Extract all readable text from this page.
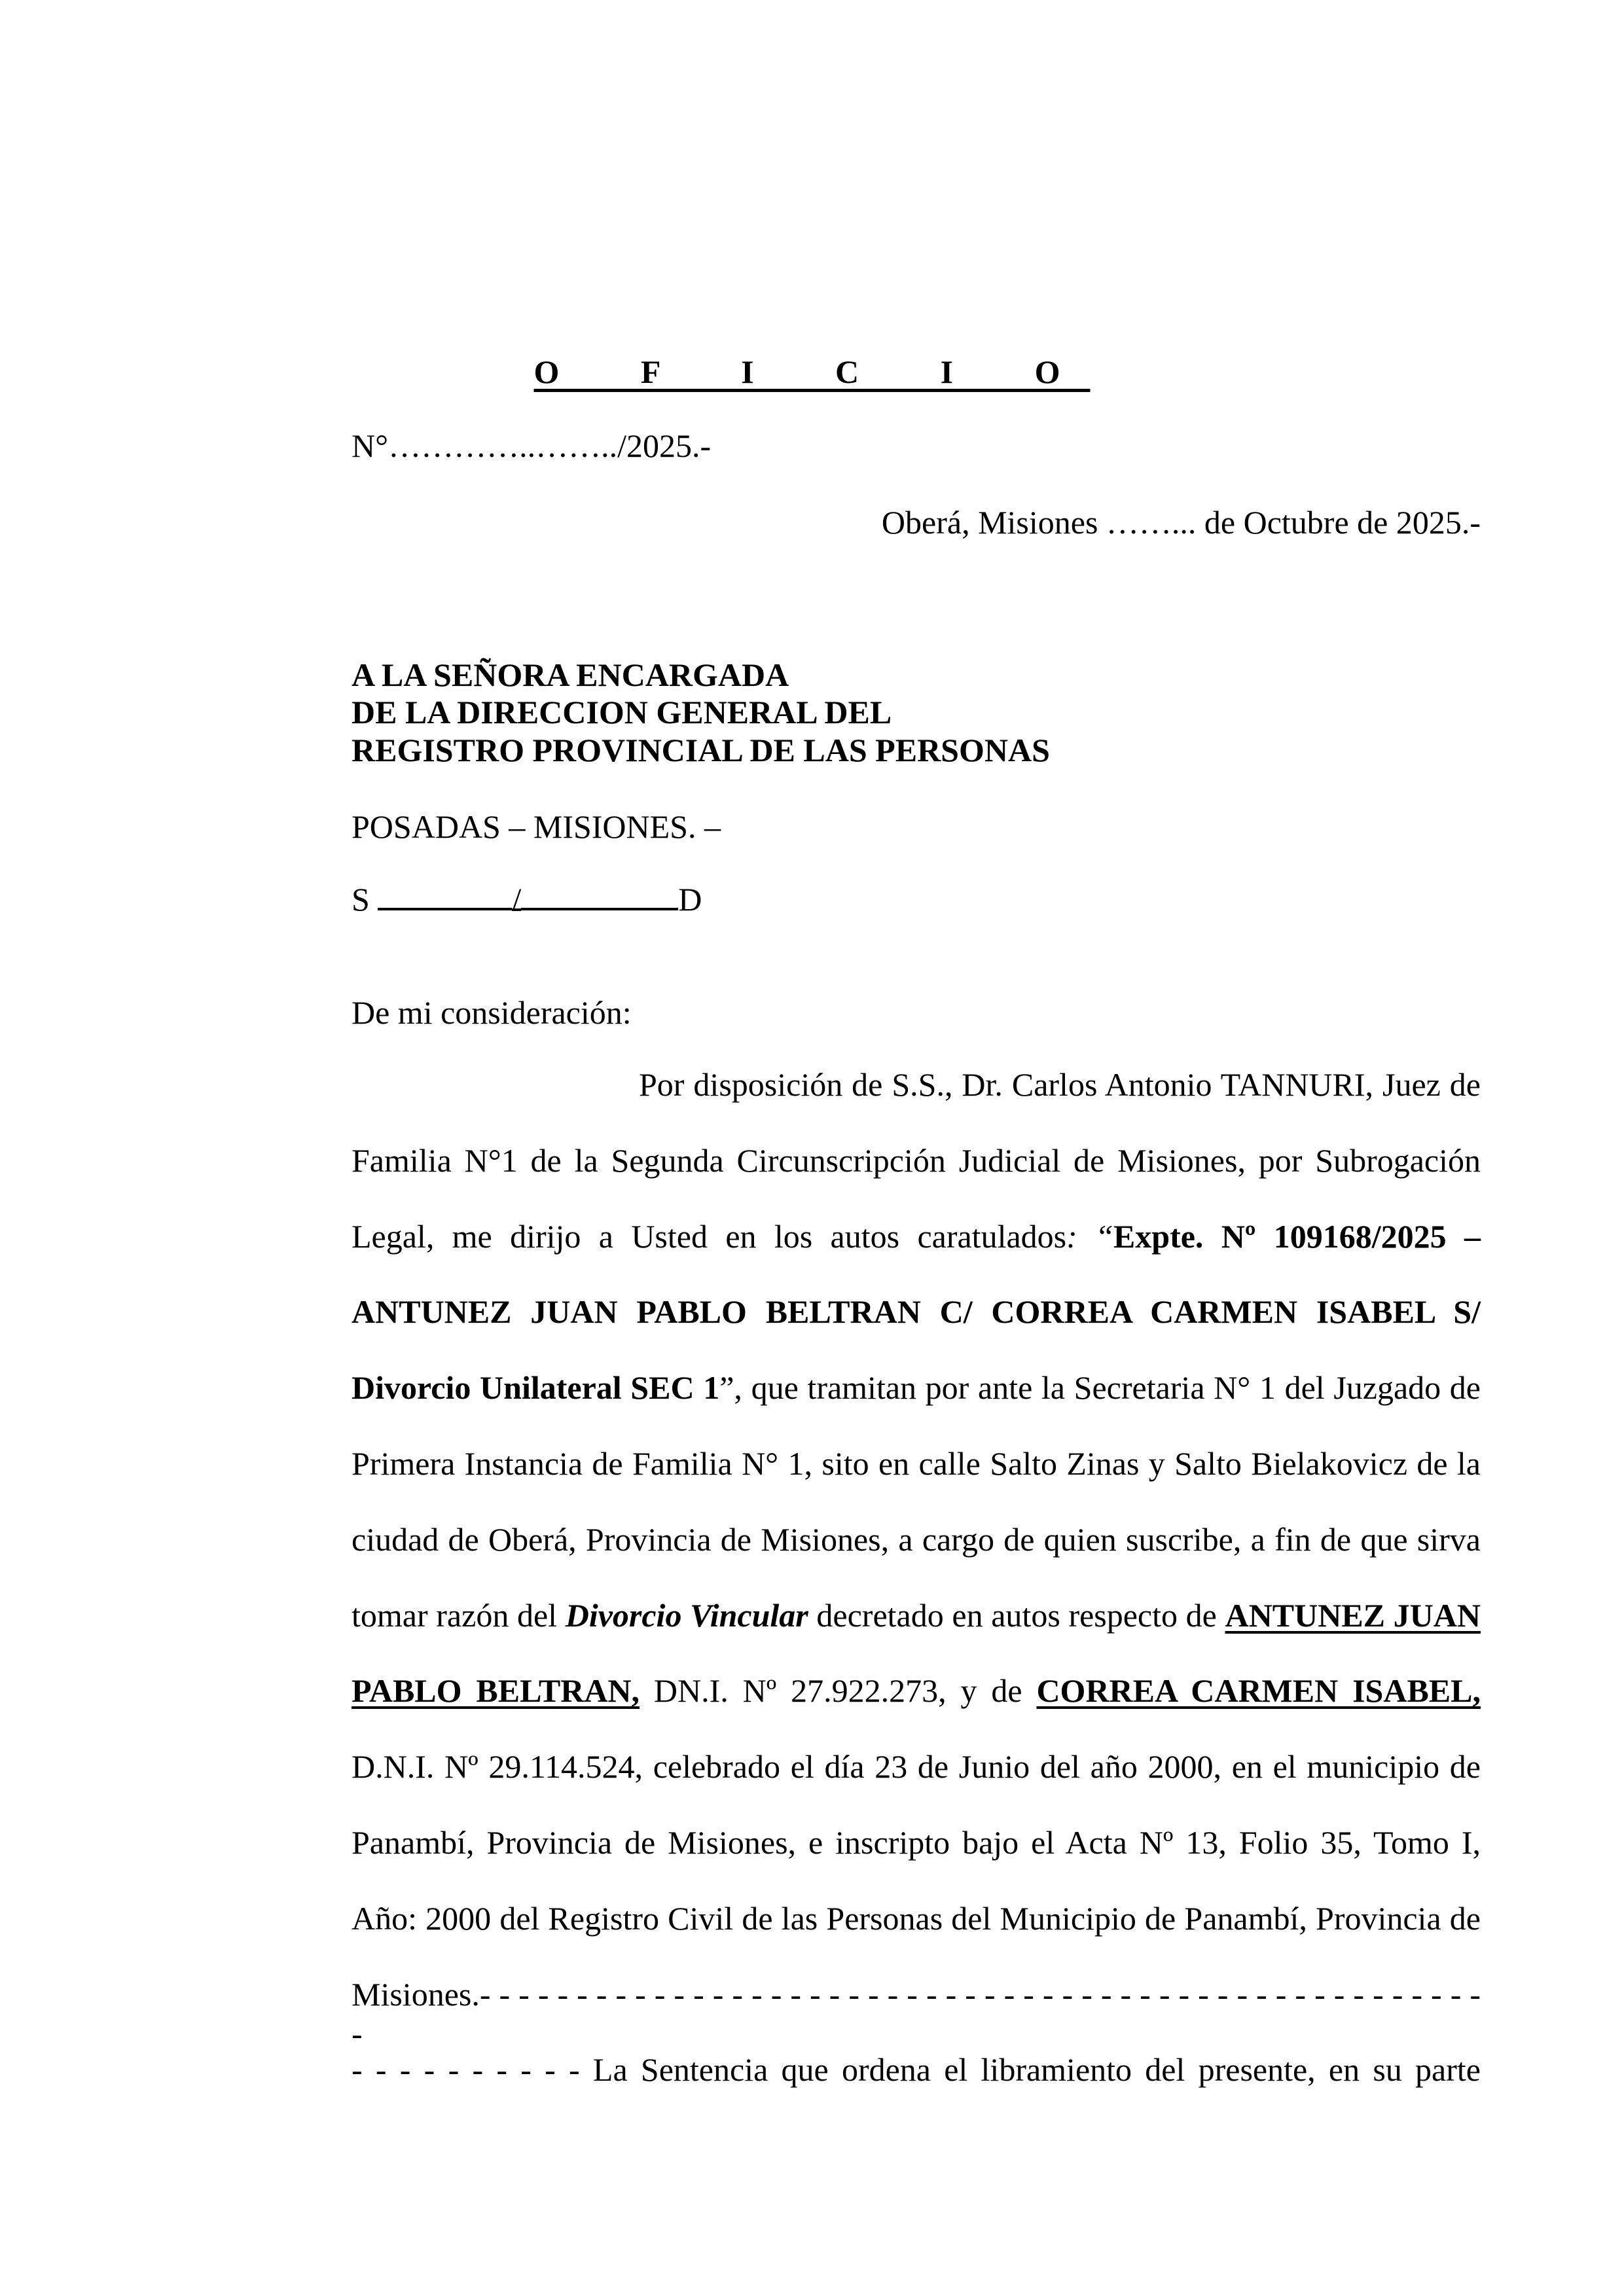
O F I C I O
N°…………..……../2025.-
Oberá, Misiones ……... de Octubre de 2025.-
A LA SEÑORA ENCARGADA
DE LA DIRECCION GENERAL DEL
REGISTRO PROVINCIAL DE LAS PERSONAS
POSADAS – MISIONES. –
S	/	D
De mi consideración:
Por disposición de S.S., Dr. Carlos Antonio TANNURI, Juez de
Familia N°1 de la Segunda Circunscripción Judicial de Misiones, por Subrogación
Legal, me dirijo a Usted en los autos caratulados: “Expte. Nº 109168/2025 –
ANTUNEZ JUAN PABLO BELTRAN C/ CORREA CARMEN ISABEL S/
Divorcio Unilateral SEC 1”, que tramitan por ante la Secretaria N° 1 del Juzgado de
Primera Instancia de Familia N° 1, sito en calle Salto Zinas y Salto Bielakovicz de la
ciudad de Oberá, Provincia de Misiones, a cargo de quien suscribe, a fin de que sirva
tomar razón del Divorcio Vincular decretado en autos respecto de ANTUNEZ JUAN
PABLO BELTRAN, DN.I. Nº 27.922.273, y de CORREA CARMEN ISABEL,
D.N.I. Nº 29.114.524, celebrado el día 23 de Junio del año 2000, en el municipio de
Panambí, Provincia de Misiones, e inscripto bajo el Acta Nº 13, Folio 35, Tomo I,
Año: 2000 del Registro Civil de las Personas del Municipio de Panambí, Provincia de
Misiones.- - - - - - - - - - - - - - - - - - - - - - - - - - - - - - - - - - - - - - - - - - - - - - - - - - - - -
- - - - - - - - - - La Sentencia que ordena el libramiento del presente, en su parte
